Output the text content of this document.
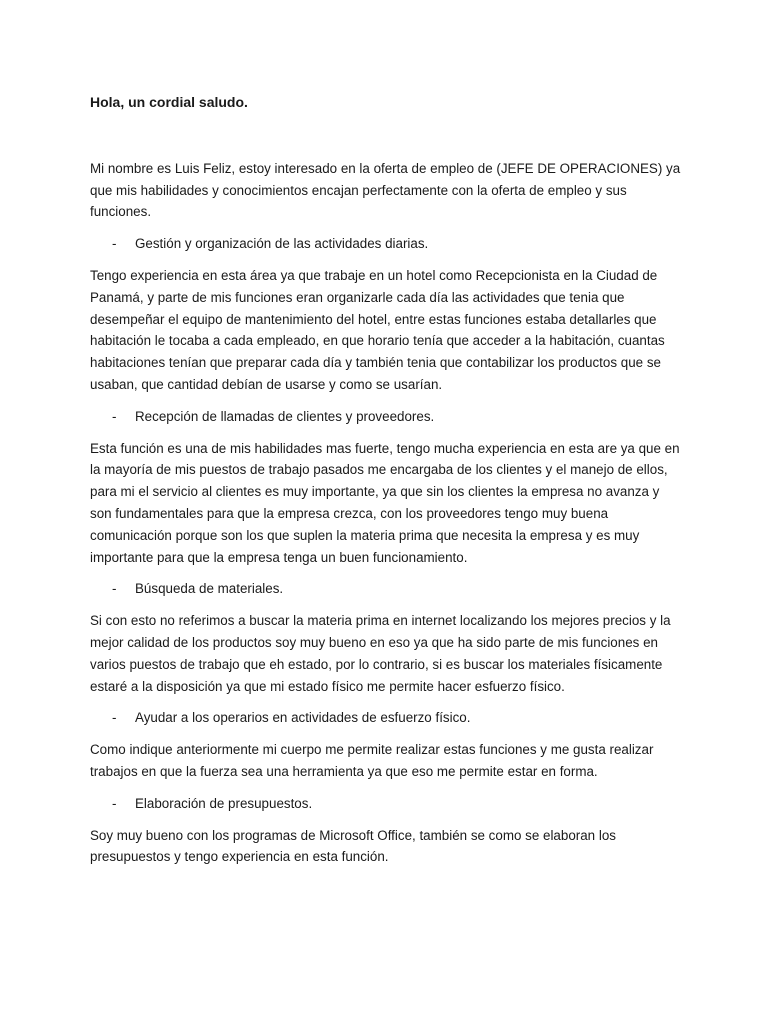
Hola, un cordial saludo.

Mi nombre es Luis Feliz, estoy interesado en la oferta de empleo de (JEFE DE OPERACIONES) ya que mis habilidades y conocimientos encajan perfectamente con la oferta de empleo y sus funciones.

- Gestión y organización de las actividades diarias.

Tengo experiencia en esta área ya que trabaje en un hotel como Recepcionista en la Ciudad de Panamá, y parte de mis funciones eran organizarle cada día las actividades que tenia que desempeñar el equipo de mantenimiento del hotel, entre estas funciones estaba detallarles que habitación le tocaba a cada empleado, en que horario tenía que acceder a la habitación, cuantas habitaciones tenían que preparar cada día y también tenia que contabilizar los productos que se usaban, que cantidad debían de usarse y como se usarían.

- Recepción de llamadas de clientes y proveedores.

Esta función es una de mis habilidades mas fuerte, tengo mucha experiencia en esta are ya que en la mayoría de mis puestos de trabajo pasados me encargaba de los clientes y el manejo de ellos, para mi el servicio al clientes es muy importante, ya que sin los clientes la empresa no avanza y son fundamentales para que la empresa crezca, con los proveedores tengo muy buena comunicación porque son los que suplen la materia prima que necesita la empresa y es muy importante para que la empresa tenga un buen funcionamiento.

- Búsqueda de materiales.

Si con esto no referimos a buscar la materia prima en internet localizando los mejores precios y la mejor calidad de los productos soy muy bueno en eso ya que ha sido parte de mis funciones en varios puestos de trabajo que eh estado, por lo contrario, si es buscar los materiales físicamente estaré a la disposición ya que mi estado físico me permite hacer esfuerzo físico.

- Ayudar a los operarios en actividades de esfuerzo físico.

Como indique anteriormente mi cuerpo me permite realizar estas funciones y me gusta realizar trabajos en que la fuerza sea una herramienta ya que eso me permite estar en forma.

- Elaboración de presupuestos.

Soy muy bueno con los programas de Microsoft Office, también se como se elaboran los presupuestos y tengo experiencia en esta función.
